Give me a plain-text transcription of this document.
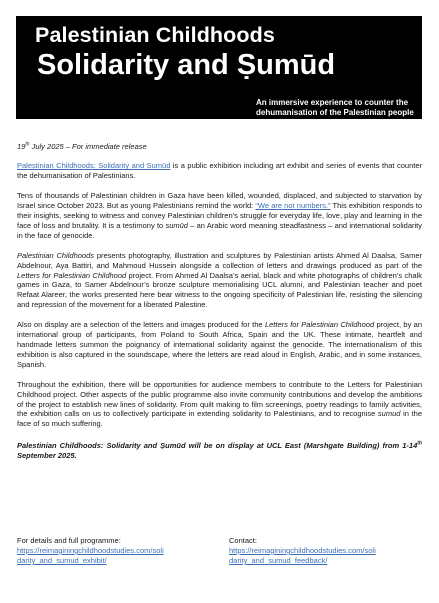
Palestinian Childhoods
Solidarity and Ṣumūd
An immersive experience to counter the dehumanisation of the Palestinian people
19th July 2025 – For immediate release

Palestinian Childhoods: Solidarity and Sumūd is a public exhibition including art exhibit and series of events that counter the dehumanisation of Palestinians.

Tens of thousands of Palestinian children in Gaza have been killed, wounded, displaced, and subjected to starvation by Israel since October 2023. But as young Palestinians remind the world: “We are not numbers.” This exhibition responds to their insights, seeking to witness and convey Palestinian children’s struggle for everyday life, love, play and learning in the face of loss and brutality. It is a testimony to sumūd – an Arabic word meaning steadfastness – and international solidarity in the face of genocide.

Palestinian Childhoods presents photography, illustration and sculptures by Palestinian artists Ahmed Al Daalsa, Samer Abdelnour, Aya Battiri, and Mahmoud Hussein alongside a collection of letters and drawings produced as part of the Letters for Palestinian Childhood project. From Ahmed Al Daalsa’s aerial, black and white photographs of children’s chalk games in Gaza, to Samer Abdelnour’s bronze sculpture memorialising UCL alumni, and Palestinian teacher and poet Refaat Alareer, the works presented here bear witness to the ongoing specificity of Palestinian life, resisting the silencing and repression of the movement for a liberated Palestine.

Also on display are a selection of the letters and images produced for the Letters for Palestinian Childhood project, by an international group of participants, from Poland to South Africa, Spain and the UK. These intimate, heartfelt and handmade letters summon the poignancy of international solidarity against the genocide. The internationalism of this exhibition is also captured in the soundscape, where the letters are read aloud in English, Arabic, and in some instances, Spanish.

Throughout the exhibition, there will be opportunities for audience members to contribute to the Letters for Palestinian Childhood project. Other aspects of the public programme also invite community contributions and develop the ambitions of the project to establish new lines of solidarity. From quilt making to film screenings, poetry readings to family activities, the exhibition calls on us to collectively participate in extending solidarity to Palestinians, and to recognise sumud in the face of so much suffering.

Palestinian Childhoods: Solidarity and Ṣumūd will be on display at UCL East (Marshgate Building) from 1-14th September 2025.

For details and full programme:
https://reimaginingchildhoodstudies.com/soli
darity_and_sumud_exhibit/
Contact:
https://reimaginingchildhoodstudies.com/soli
darity_and_sumud_feedback/
